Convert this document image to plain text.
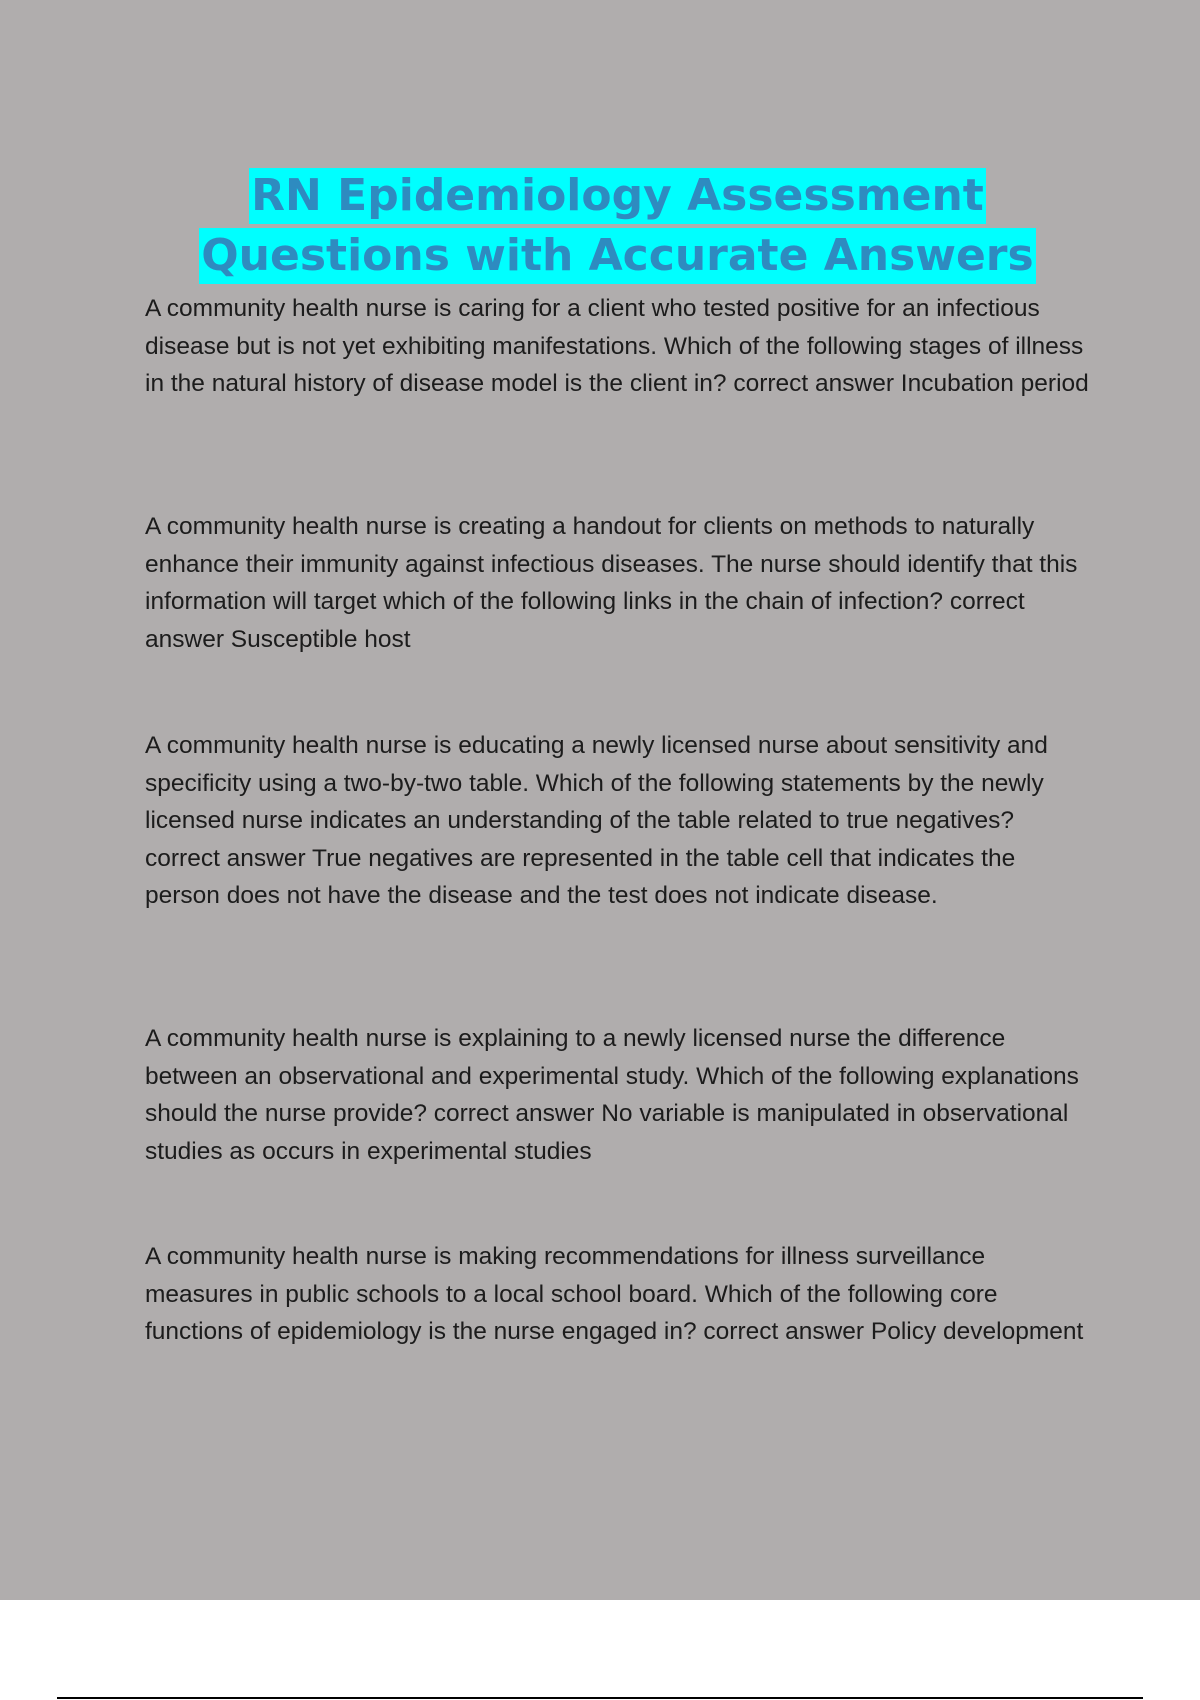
RN Epidemiology Assessment
Questions with Accurate Answers

A community health nurse is caring for a client who tested positive for an infectious disease but is not yet exhibiting manifestations. Which of the following stages of illness in the natural history of disease model is the client in? correct answer Incubation period

A community health nurse is creating a handout for clients on methods to naturally enhance their immunity against infectious diseases. The nurse should identify that this information will target which of the following links in the chain of infection? correct answer Susceptible host

A community health nurse is educating a newly licensed nurse about sensitivity and specificity using a two-by-two table. Which of the following statements by the newly licensed nurse indicates an understanding of the table related to true negatives? correct answer True negatives are represented in the table cell that indicates the person does not have the disease and the test does not indicate disease.

A community health nurse is explaining to a newly licensed nurse the difference between an observational and experimental study. Which of the following explanations should the nurse provide? correct answer No variable is manipulated in observational studies as occurs in experimental studies

A community health nurse is making recommendations for illness surveillance measures in public schools to a local school board. Which of the following core functions of epidemiology is the nurse engaged in? correct answer Policy development
